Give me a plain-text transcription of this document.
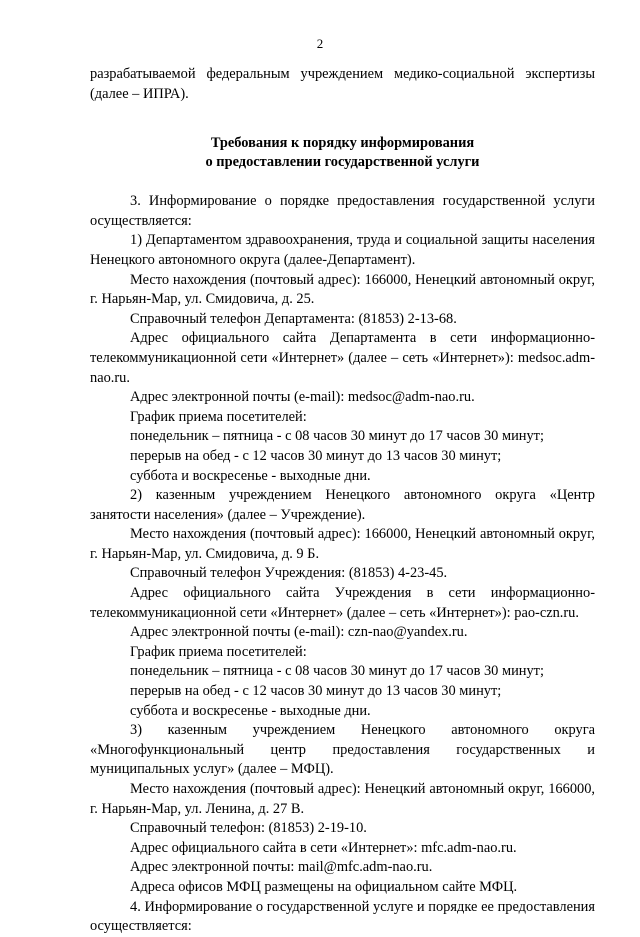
2

разрабатываемой федеральным учреждением медико-социальной экспертизы (далее – ИПРА).

Требования к порядку информирования
о предоставлении государственной услуги

3. Информирование о порядке предоставления государственной услуги осуществляется:

1) Департаментом здравоохранения, труда и социальной защиты населения Ненецкого автономного округа (далее-Департамент).

Место нахождения (почтовый адрес): 166000, Ненецкий автономный округ, г. Нарьян-Мар, ул. Смидовича, д. 25.

Справочный телефон Департамента: (81853) 2-13-68.

Адрес официального сайта Департамента в сети информационно-телекоммуникационной сети «Интернет» (далее – сеть «Интернет»): medsoc.adm-nao.ru.

Адрес электронной почты (e-mail): medsoc@adm-nao.ru.

График приема посетителей:

понедельник – пятница - с 08 часов 30 минут до 17 часов 30 минут;

перерыв на обед - с 12 часов 30 минут до 13 часов 30 минут;

суббота и воскресенье - выходные дни.

2) казенным учреждением Ненецкого автономного округа «Центр занятости населения» (далее – Учреждение).

Место нахождения (почтовый адрес): 166000, Ненецкий автономный округ, г. Нарьян-Мар, ул. Смидовича, д. 9 Б.

Справочный телефон Учреждения: (81853) 4-23-45.

Адрес официального сайта Учреждения в сети информационно-телекоммуникационной сети «Интернет» (далее – сеть «Интернет»): pao-czn.ru.

Адрес электронной почты (e-mail): czn-nao@yandex.ru.

График приема посетителей:

понедельник – пятница - с 08 часов 30 минут до 17 часов 30 минут;

перерыв на обед - с 12 часов 30 минут до 13 часов 30 минут;

суббота и воскресенье - выходные дни.

3) казенным учреждением Ненецкого автономного округа «Многофункциональный центр предоставления государственных и муниципальных услуг» (далее – МФЦ).

Место нахождения (почтовый адрес): Ненецкий автономный округ, 166000, г. Нарьян-Мар, ул. Ленина, д. 27 В.

Справочный телефон: (81853) 2-19-10.

Адрес официального сайта в сети «Интернет»: mfc.adm-nao.ru.

Адрес электронной почты: mail@mfc.adm-nao.ru.

Адреса офисов МФЦ размещены на официальном сайте МФЦ.

4. Информирование о государственной услуге и порядке ее предоставления осуществляется:
